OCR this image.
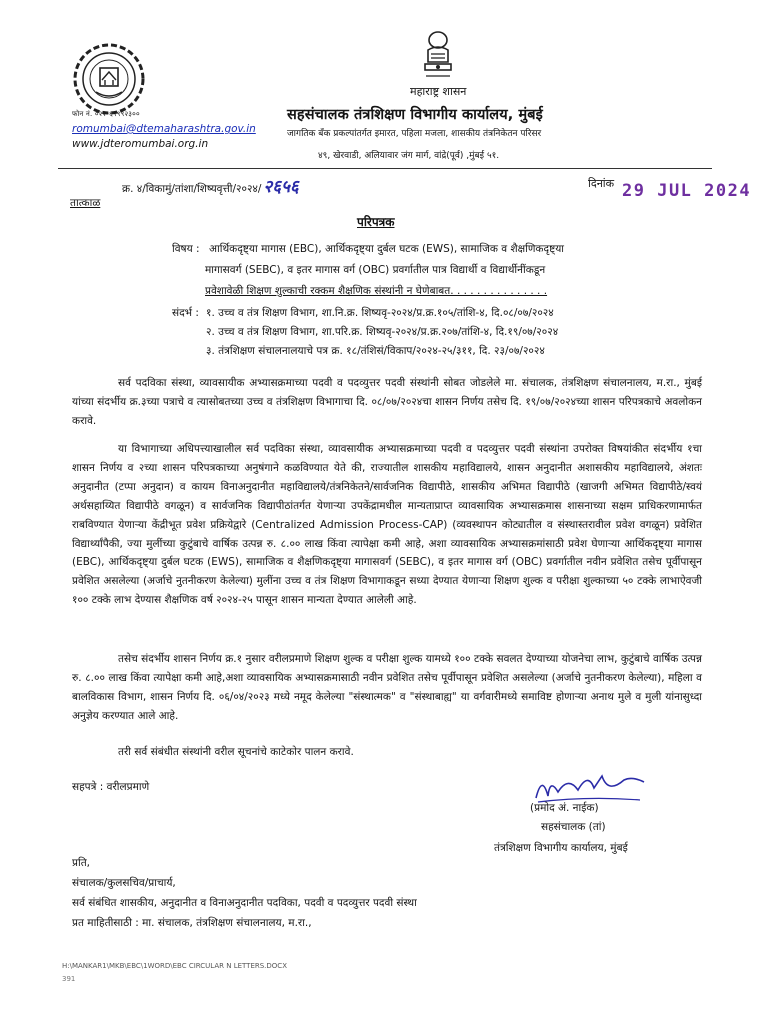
महाराष्ट्र शासन
फोन नं. ०२२-६९९९२३००
romumbai@dtemaharashtra.gov.in
www.jdteromumbai.org.in
सहसंचालक तंत्रशिक्षण विभागीय कार्यालय, मुंबई
जागतिक बँक प्रकल्पांतर्गत इमारत, पहिला मजला, शासकीय तंत्रनिकेतन परिसर
४९, खेरवाडी, अलियावार जंग मार्ग, वांद्रे(पूर्व) ,मुंबई ५१.
क्र. ४/विकामुं/तांशा/शिष्यवृत्ती/२०२४/ २६५६
तात्काळ
दिनांक 29 JUL 2024
परिपत्रक
विषय : आर्थिकदृष्ट्या मागास (EBC), आर्थिकदृष्ट्या दुर्बल घटक (EWS), सामाजिक व शैक्षणिकदृष्ट्या
मागासवर्ग (SEBC), व इतर मागास वर्ग (OBC) प्रवर्गातील पात्र विद्यार्थी व विद्यार्थीनींकडून
प्रवेशावेळी शिक्षण शुल्काची रक्कम शैक्षणिक संस्थांनी न घेणेबाबत. . . . . . . . . . . . . . .
संदर्भ : १. उच्च व तंत्र शिक्षण विभाग, शा.नि.क्र. शिष्यवृ-२०२४/प्र.क्र.१०५/तांशि-४, दि.०८/०७/२०२४
२. उच्च व तंत्र शिक्षण विभाग, शा.परि.क्र. शिष्यवृ-२०२४/प्र.क्र.२०७/तांशि-४, दि.१९/०७/२०२४
३. तंत्रशिक्षण संचालनालयाचे पत्र क्र. १८/तंशिसं/विकाप/२०२४-२५/३११, दि. २३/०७/२०२४
सर्व पदविका संस्था, व्यावसायीक अभ्यासक्रमाच्या पदवी व पदव्युत्तर पदवी संस्थांनी सोबत जोडलेले मा. संचालक, तंत्रशिक्षण संचालनालय, म.रा., मुंबई यांच्या संदर्भीय क्र.३च्या पत्राचे व त्यासोबतच्या उच्च व तंत्रशिक्षण विभागाचा दि. ०८/०७/२०२४चा शासन निर्णय तसेच दि. १९/०७/२०२४च्या शासन परिपत्रकाचे अवलोकन करावे.
या विभागाच्या अधिपत्त्याखालील सर्व पदविका संस्था, व्यावसायीक अभ्यासक्रमाच्या पदवी व पदव्युत्तर पदवी संस्थांना उपरोक्त विषयांकीत संदर्भीय १चा शासन निर्णय व २च्या शासन परिपत्रकाच्या अनुषंगाने कळविण्यात येते की, राज्यातील शासकीय महाविद्यालये, शासन अनुदानीत अशासकीय महाविद्यालये, अंशतः अनुदानीत (टप्पा अनुदान) व कायम विनाअनुदानीत महाविद्यालये/तंत्रनिकेतने/सार्वजनिक विद्यापीठे, शासकीय अभिमत विद्यापीठे (खाजगी अभिमत विद्यापीठे/स्वयं अर्थसहाय्यित विद्यापीठे वगळून) व सार्वजनिक विद्यापीठांतर्गत येणाऱ्या उपकेंद्रामधील मान्यताप्राप्त व्यावसायिक अभ्यासक्रमास शासनाच्या सक्षम प्राधिकरणामार्फत राबविण्यात येणाऱ्या केंद्रीभूत प्रवेश प्रक्रियेद्वारे (Centralized Admission Process-CAP) (व्यवस्थापन कोट्यातील व संस्थास्तरावील प्रवेश वगळून) प्रवेशित विद्यार्थ्यांपैकी, ज्या मुलींच्या कुटुंबाचे वार्षिक उत्पन्न रु. ८.०० लाख किंवा त्यापेक्षा कमी आहे, अशा व्यावसायिक अभ्यासक्रमांसाठी प्रवेश घेणाऱ्या आर्थिकदृष्ट्या मागास (EBC), आर्थिकदृष्ट्या दुर्बल घटक (EWS), सामाजिक व शैक्षणिकदृष्ट्या मागासवर्ग (SEBC), व इतर मागास वर्ग (OBC) प्रवर्गातील नवीन प्रवेशित तसेच पूर्वीपासून प्रवेशित असलेल्या (अर्जाचे नुतनीकरण केलेल्या) मुलींना उच्च व तंत्र शिक्षण विभागाकडून सध्या देण्यात येणाऱ्या शिक्षण शुल्क व परीक्षा शुल्काच्या ५० टक्के लाभाऐवजी १०० टक्के लाभ देण्यास शैक्षणिक वर्ष २०२४-२५ पासून शासन मान्यता देण्यात आलेली आहे.
तसेच संदर्भीय शासन निर्णय क्र.१ नुसार वरीलप्रमाणे शिक्षण शुल्क व परीक्षा शुल्क यामध्ये १०० टक्के सवलत देण्याच्या योजनेचा लाभ, कुटुंबाचे वार्षिक उत्पन्न रु. ८.०० लाख किंवा त्यापेक्षा कमी आहे,अशा व्यावसायिक अभ्यासक्रमासाठी नवीन प्रवेशित तसेच पूर्वीपासून प्रवेशित असलेल्या (अर्जाचे नुतनीकरण केलेल्या), महिला व बालविकास विभाग, शासन निर्णय दि. ०६/०४/२०२३ मध्ये नमूद केलेल्या "संस्थात्मक" व "संस्थाबाह्य" या वर्गवारीमध्ये समाविष्ट होणाऱ्या अनाथ मुले व मुली यांनासुध्दा अनुज्ञेय करण्यात आले आहे.
तरी सर्व संबंधीत संस्थांनी वरील सूचनांचे काटेकोर पालन करावे.
सहपत्रे : वरीलप्रमाणे
(प्रमोद अं. नाईक)
सहसंचालक (तां)
तंत्रशिक्षण विभागीय कार्यालय, मुंबई
प्रति,
संचालक/कुलसचिव/प्राचार्य,
सर्व संबंधित शासकीय, अनुदानीत व विनाअनुदानीत पदविका, पदवी व पदव्युत्तर पदवी संस्था
प्रत माहितीसाठी : मा. संचालक, तंत्रशिक्षण संचालनालय, म.रा.,
H:\MANKAR1\MKB\EBC\1WORD\EBC CIRCULAR N LETTERS.DOCX
391
